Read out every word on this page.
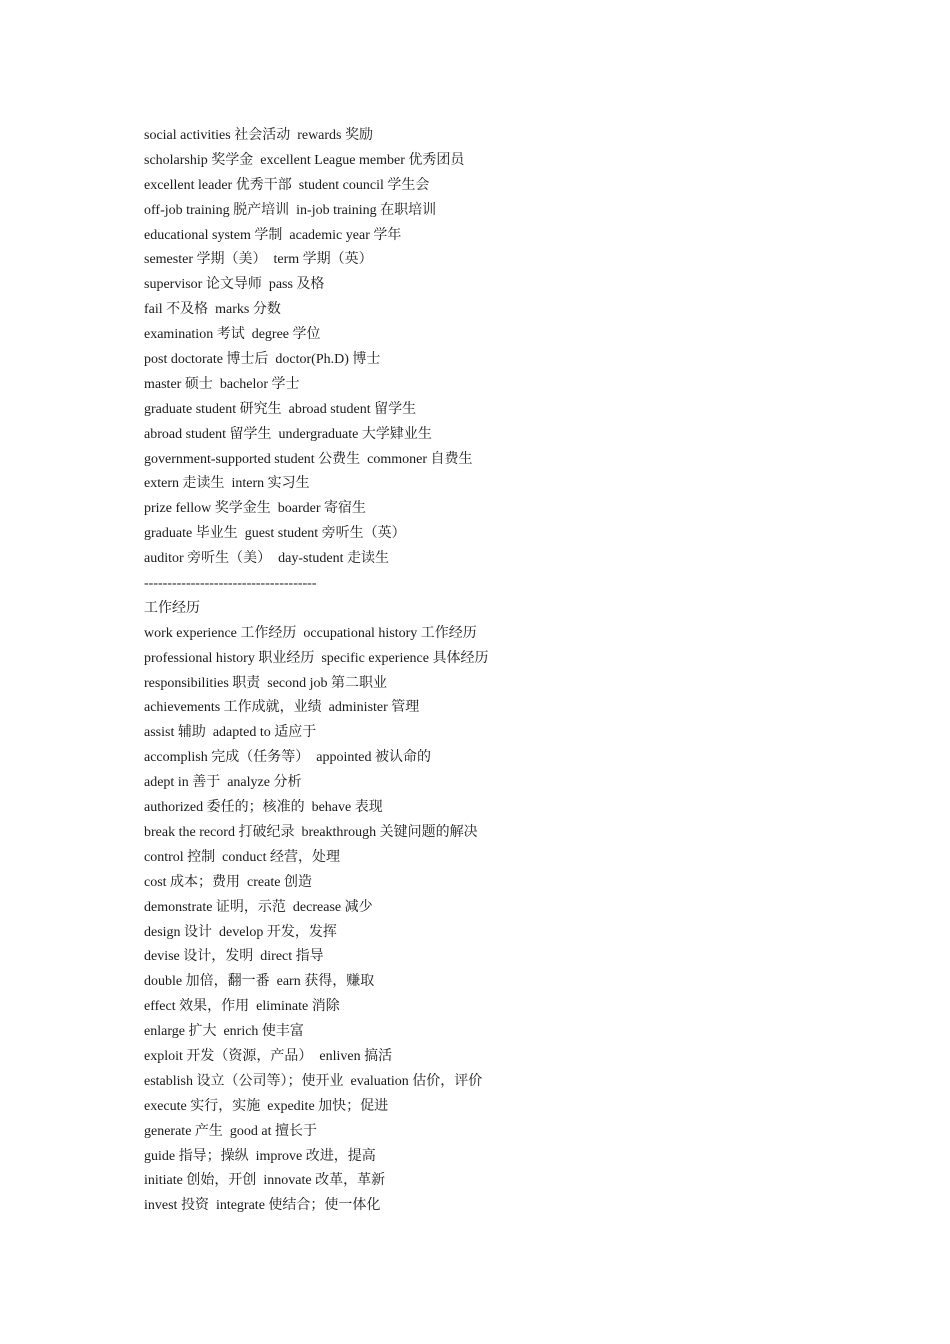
social activities 社会活动  rewards 奖励
scholarship 奖学金  excellent League member 优秀团员
excellent leader 优秀干部  student council 学生会
off-job training 脱产培训  in-job training 在职培训
educational system 学制  academic year 学年
semester 学期（美）  term 学期（英）
supervisor 论文导师  pass 及格
fail 不及格  marks 分数
examination 考试  degree 学位
post doctorate 博士后  doctor(Ph.D) 博士
master 硕士  bachelor 学士
graduate student 研究生  abroad student 留学生
abroad student 留学生  undergraduate 大学肄业生
government-supported student 公费生  commoner 自费生
extern 走读生  intern 实习生
prize fellow 奖学金生  boarder 寄宿生
graduate 毕业生  guest student 旁听生（英）
auditor 旁听生（美）  day-student 走读生
-------------------------------------
工作经历
work experience 工作经历  occupational history 工作经历
professional history 职业经历  specific experience 具体经历
responsibilities 职责  second job 第二职业
achievements 工作成就，业绩  administer 管理
assist 辅助  adapted to 适应于
accomplish 完成（任务等）  appointed 被认命的
adept in 善于  analyze 分析
authorized 委任的；核准的  behave 表现
break the record 打破纪录  breakthrough 关键问题的解决
control 控制  conduct 经营，处理
cost 成本；费用  create 创造
demonstrate 证明，示范  decrease 减少
design 设计  develop 开发，发挥
devise 设计，发明  direct 指导
double 加倍，翻一番  earn 获得，赚取
effect 效果，作用  eliminate 消除
enlarge 扩大  enrich 使丰富
exploit 开发（资源，产品）  enliven 搞活
establish 设立（公司等）；使开业  evaluation 估价，评价
execute 实行，实施  expedite 加快；促进
generate 产生  good at 擅长于
guide 指导；操纵  improve 改进，提高
initiate 创始，开创  innovate 改革，革新
invest 投资  integrate 使结合；使一体化
